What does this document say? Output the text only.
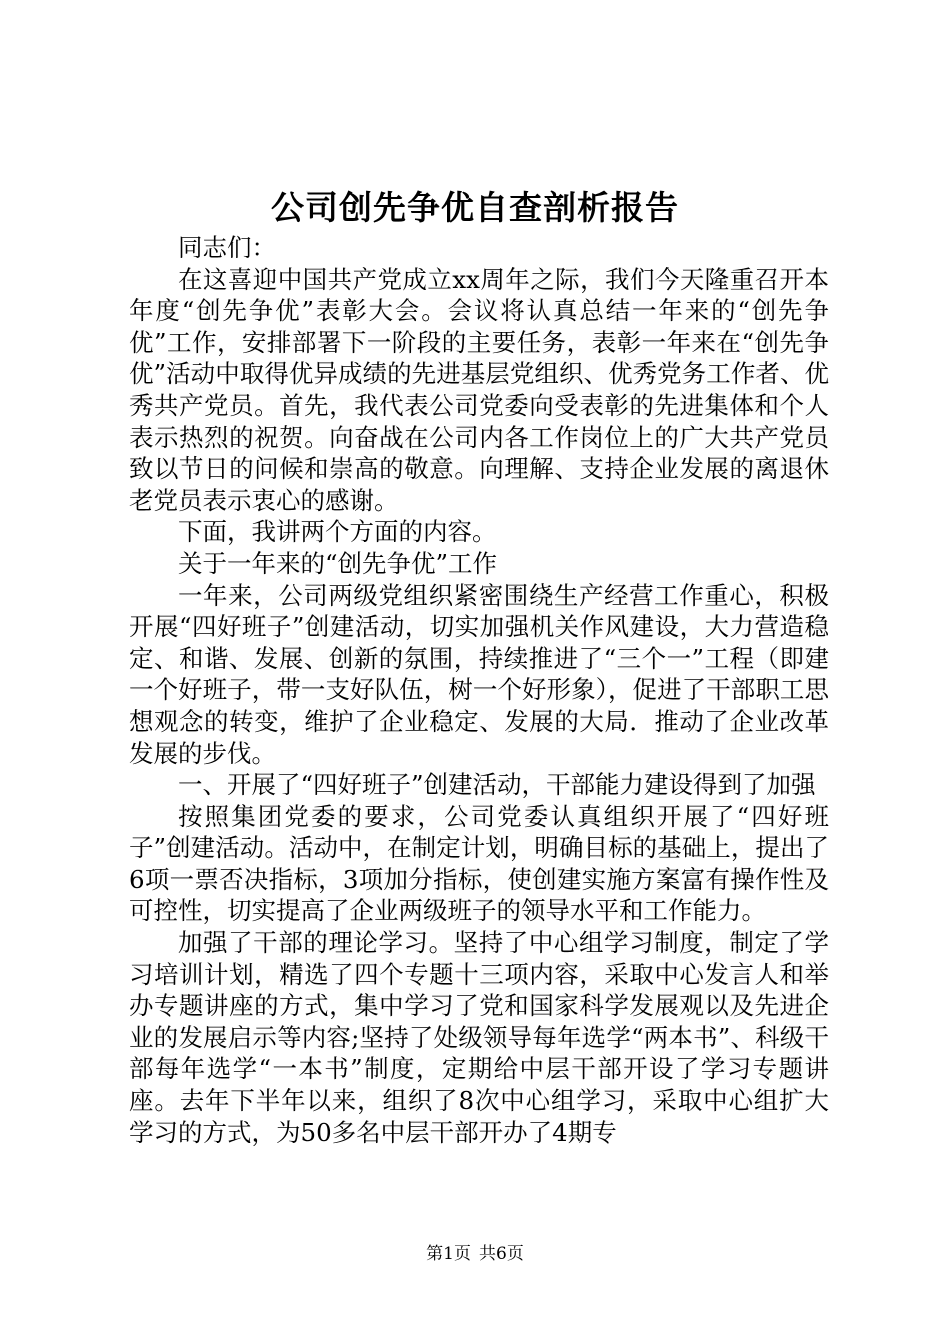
公司创先争优自查剖析报告

同志们：

在这喜迎中国共产党成立xx周年之际，我们今天隆重召开本年度“创先争优”表彰大会。会议将认真总结一年来的“创先争优”工作，安排部署下一阶段的主要任务，表彰一年来在“创先争优”活动中取得优异成绩的先进基层党组织、优秀党务工作者、优秀共产党员。首先，我代表公司党委向受表彰的先进集体和个人表示热烈的祝贺。向奋战在公司内各工作岗位上的广大共产党员致以节日的问候和崇高的敬意。向理解、支持企业发展的离退休老党员表示衷心的感谢。

下面，我讲两个方面的内容。

关于一年来的“创先争优”工作

一年来，公司两级党组织紧密围绕生产经营工作重心，积极开展“四好班子”创建活动，切实加强机关作风建设，大力营造稳定、和谐、发展、创新的氛围，持续推进了“三个一”工程（即建一个好班子，带一支好队伍，树一个好形象），促进了干部职工思想观念的转变，维护了企业稳定、发展的大局．推动了企业改革发展的步伐。

一、开展了“四好班子”创建活动，干部能力建设得到了加强

按照集团党委的要求，公司党委认真组织开展了“四好班子”创建活动。活动中，在制定计划，明确目标的基础上，提出了6项一票否决指标，3项加分指标，使创建实施方案富有操作性及可控性，切实提高了企业两级班子的领导水平和工作能力。

加强了干部的理论学习。坚持了中心组学习制度，制定了学习培训计划，精选了四个专题十三项内容，采取中心发言人和举办专题讲座的方式，集中学习了党和国家科学发展观以及先进企业的发展启示等内容;坚持了处级领导每年选学“两本书”、科级干部每年选学“一本书”制度，定期给中层干部开设了学习专题讲座。去年下半年以来，组织了8次中心组学习，采取中心组扩大学习的方式，为50多名中层干部开办了4期专

第1页 共6页
